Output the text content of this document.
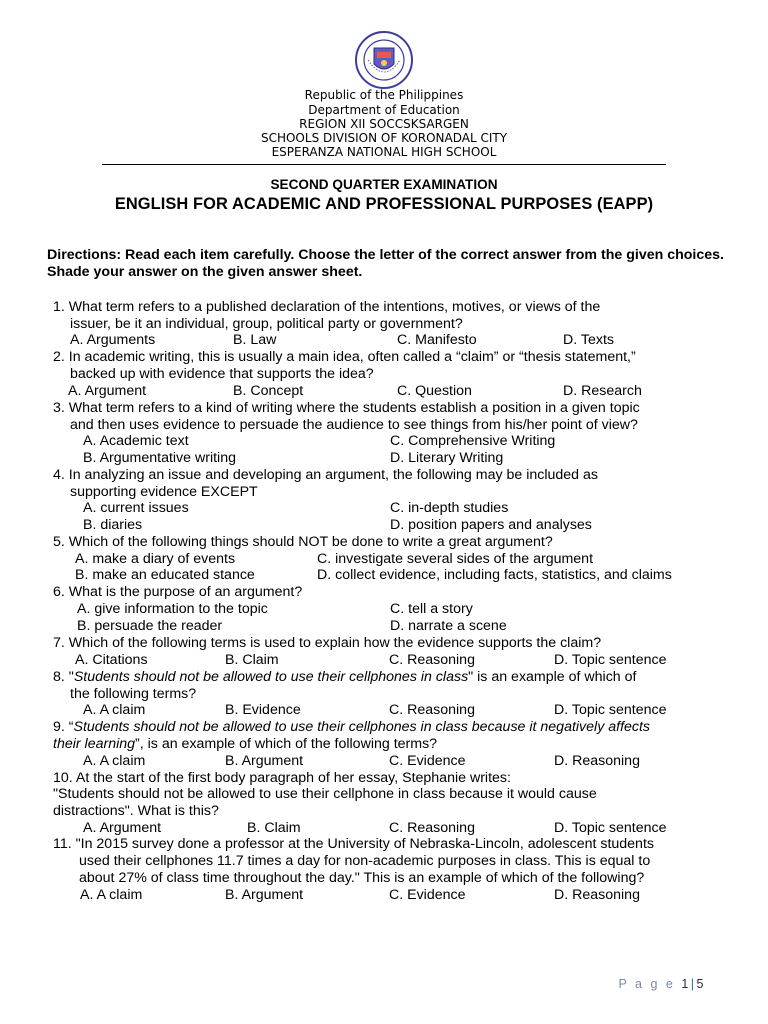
Republic of the Philippines
Department of Education
REGION XII SOCCSKSARGEN
SCHOOLS DIVISION OF KORONADAL CITY
ESPERANZA NATIONAL HIGH SCHOOL
SECOND QUARTER EXAMINATION
ENGLISH FOR ACADEMIC AND PROFESSIONAL PURPOSES (EAPP)
Directions: Read each item carefully. Choose the letter of the correct answer from the given choices. Shade your answer on the given answer sheet.
1. What term refers to a published declaration of the intentions, motives, or views of the
issuer, be it an individual, group, political party or government?
A. Arguments	B. Law	C. Manifesto	D. Texts
2. In academic writing, this is usually a main idea, often called a “claim” or “thesis statement,”
backed up with evidence that supports the idea?
A. Argument	B. Concept	C. Question	D. Research
3. What term refers to a kind of writing where the students establish a position in a given topic
and then uses evidence to persuade the audience to see things from his/her point of view?
A. Academic text	C. Comprehensive Writing
B. Argumentative writing	D. Literary Writing
4. In analyzing an issue and developing an argument, the following may be included as
supporting evidence EXCEPT
A. current issues	C. in-depth studies
B. diaries	D. position papers and analyses
5. Which of the following things should NOT be done to write a great argument?
A. make a diary of events	C. investigate several sides of the argument
B. make an educated stance	D. collect evidence, including facts, statistics, and claims
6. What is the purpose of an argument?
A. give information to the topic	C. tell a story
B. persuade the reader	D. narrate a scene
7. Which of the following terms is used to explain how the evidence supports the claim?
A. Citations	B. Claim	C. Reasoning	D. Topic sentence
8. "Students should not be allowed to use their cellphones in class" is an example of which of
the following terms?
A. A claim	B. Evidence	C. Reasoning	D. Topic sentence
9. “Students should not be allowed to use their cellphones in class because it negatively affects
their learning”, is an example of which of the following terms?
A. A claim	B. Argument	C. Evidence	D. Reasoning
10. At the start of the first body paragraph of her essay, Stephanie writes:
"Students should not be allowed to use their cellphone in class because it would cause
distractions". What is this?
A. Argument	B. Claim	C. Reasoning	D. Topic sentence
11. "In 2015 survey done a professor at the University of Nebraska-Lincoln, adolescent students
used their cellphones 11.7 times a day for non-academic purposes in class. This is equal to
about 27% of class time throughout the day." This is an example of which of the following?
A. A claim	B. Argument	C. Evidence	D. Reasoning
P a g e 1|5
